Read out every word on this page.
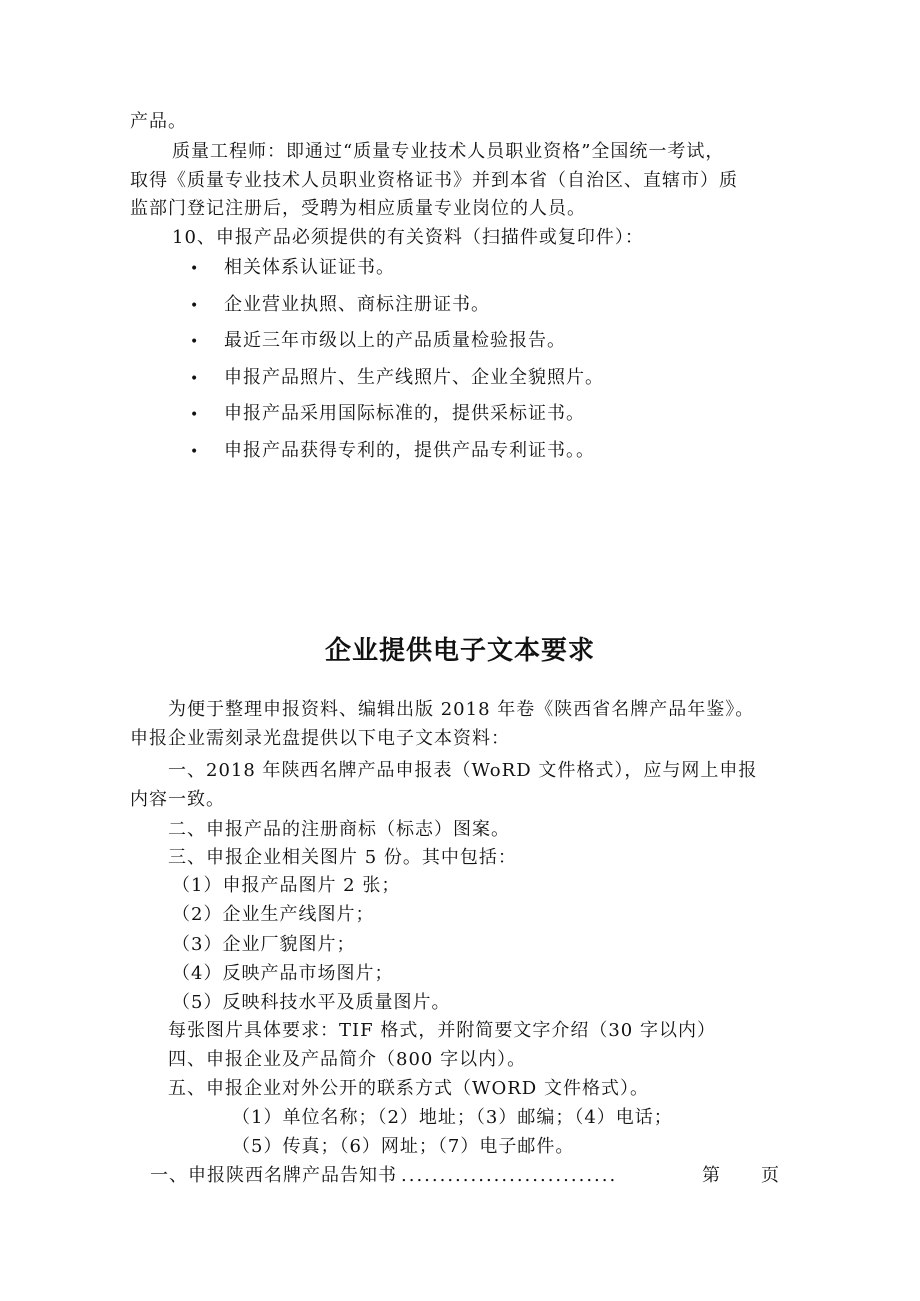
产品。
质量工程师：即通过“质量专业技术人员职业资格”全国统一考试，
取得《质量专业技术人员职业资格证书》并到本省（自治区、直辖市）质
监部门登记注册后，受聘为相应质量专业岗位的人员。
10、申报产品必须提供的有关资料（扫描件或复印件）：
• 相关体系认证证书。
• 企业营业执照、商标注册证书。
• 最近三年市级以上的产品质量检验报告。
• 申报产品照片、生产线照片、企业全貌照片。
• 申报产品采用国际标准的，提供采标证书。
• 申报产品获得专利的，提供产品专利证书。。
企业提供电子文本要求
为便于整理申报资料、编辑出版 2018 年卷《陕西省名牌产品年鉴》。
申报企业需刻录光盘提供以下电子文本资料：
一、2018 年陕西名牌产品申报表（WoRD 文件格式），应与网上申报
内容一致。
二、申报产品的注册商标（标志）图案。
三、申报企业相关图片 5 份。其中包括：
（1）申报产品图片 2 张；
（2）企业生产线图片；
（3）企业厂貌图片；
（4）反映产品市场图片；
（5）反映科技水平及质量图片。
每张图片具体要求：TIF 格式，并附简要文字介绍（30 字以内）
四、申报企业及产品简介（800 字以内）。
五、申报企业对外公开的联系方式（WORD 文件格式）。
（1）单位名称；（2）地址；（3）邮编；（4）电话；
（5）传真；（6）网址；（7）电子邮件。
一、申报陕西名牌产品告知书 ............................	第 页
